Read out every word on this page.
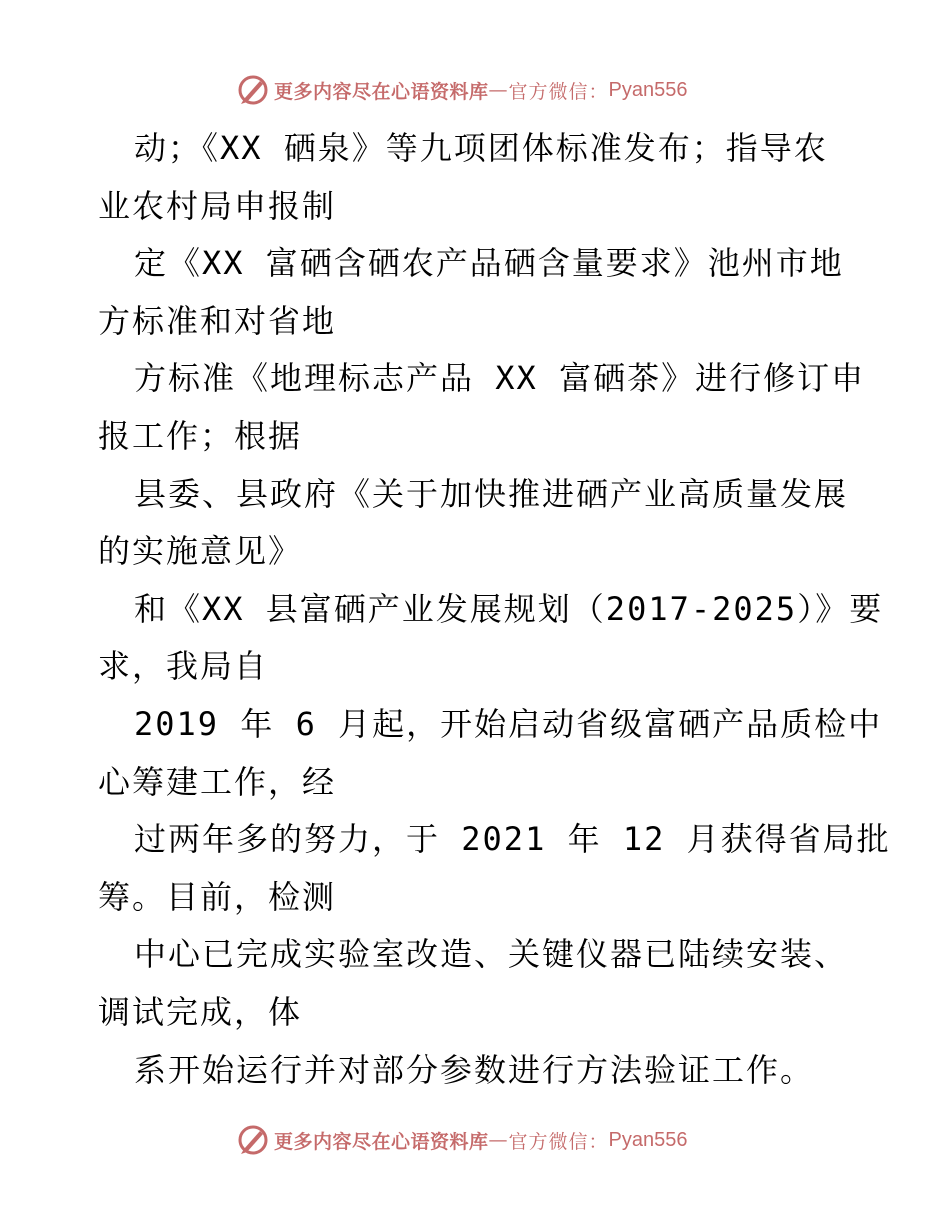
更多内容尽在心语资料库 — 官方微信： Pyan556
动；《XX 硒泉》等九项团体标准发布；指导农
业农村局申报制
定《XX 富硒含硒农产品硒含量要求》池州市地
方标准和对省地
方标准《地理标志产品 XX 富硒茶》进行修订申
报工作；根据
县委、县政府《关于加快推进硒产业高质量发展
的实施意见》
和《XX 县富硒产业发展规划（2017-2025）》要
求，我局自
2019 年 6 月起，开始启动省级富硒产品质检中
心筹建工作，经
过两年多的努力，于 2021 年 12 月获得省局批
筹。目前，检测
中心已完成实验室改造、关键仪器已陆续安装、
调试完成，体
系开始运行并对部分参数进行方法验证工作。
更多内容尽在心语资料库 — 官方微信： Pyan556
